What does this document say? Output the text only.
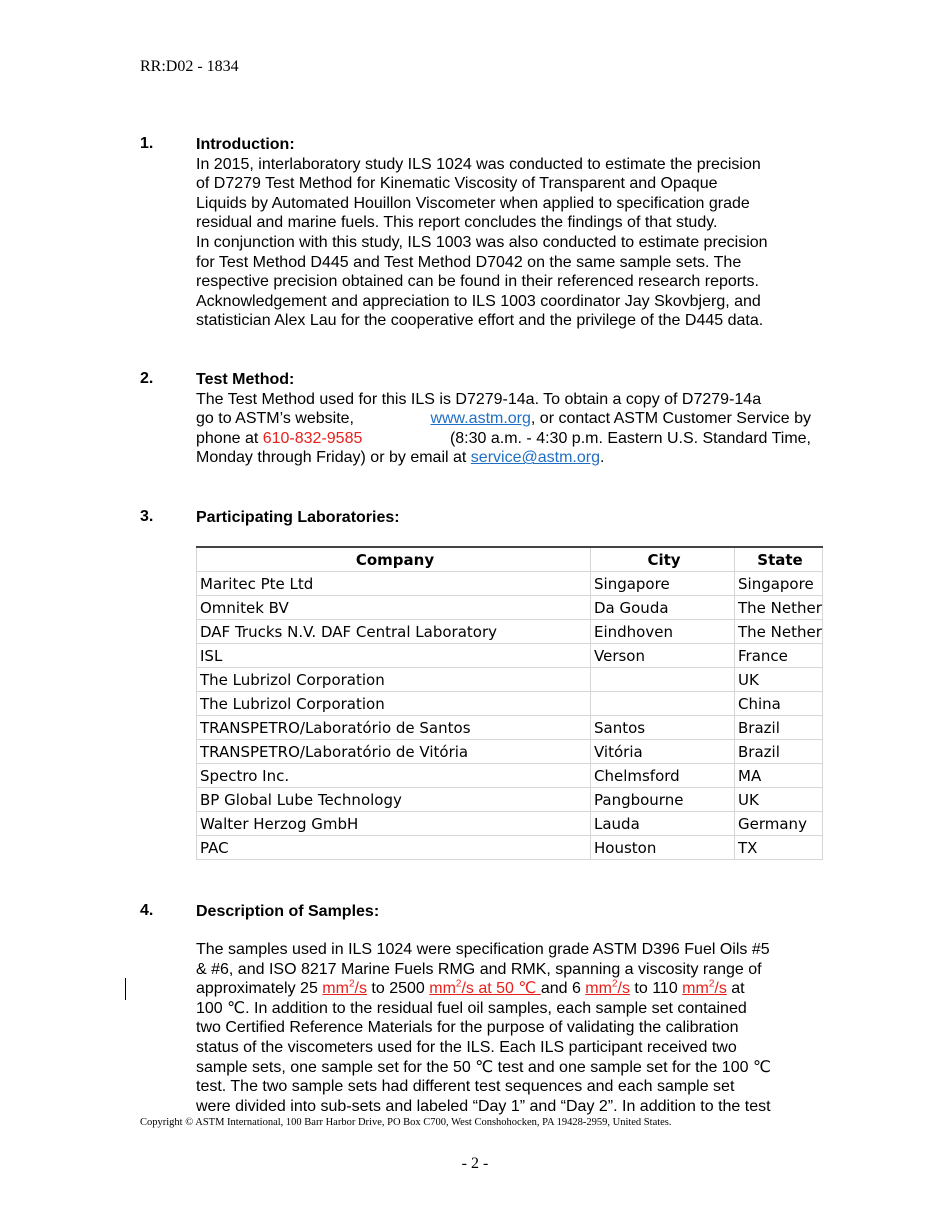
RR:D02 - 1834
1.	Introduction:
In 2015, interlaboratory study ILS 1024 was conducted to estimate the precision
of D7279 Test Method for Kinematic Viscosity of Transparent and Opaque
Liquids by Automated Houillon Viscometer when applied to specification grade
residual and marine fuels. This report concludes the findings of that study.
In conjunction with this study, ILS 1003 was also conducted to estimate precision
for Test Method D445 and Test Method D7042 on the same sample sets. The
respective precision obtained can be found in their referenced research reports.
Acknowledgement and appreciation to ILS 1003 coordinator Jay Skovbjerg, and
statistician Alex Lau for the cooperative effort and the privilege of the D445 data.
2.	Test Method:
The Test Method used for this ILS is D7279-14a. To obtain a copy of D7279-14a
go to ASTM’s website,	www.astm.org, or contact ASTM Customer Service by
phone at 610-832-9585	(8:30 a.m. - 4:30 p.m. Eastern U.S. Standard Time,
Monday through Friday) or by email at service@astm.org.
3.	Participating Laboratories:
Company	City	State
Maritec Pte Ltd	Singapore	Singapore
Omnitek BV	Da Gouda	The Nether
DAF Trucks N.V. DAF Central Laboratory	Eindhoven	The Nether
ISL	Verson	France
The Lubrizol Corporation		UK
The Lubrizol Corporation		China
TRANSPETRO/Laboratório de Santos	Santos	Brazil
TRANSPETRO/Laboratório de Vitória	Vitória	Brazil
Spectro Inc.	Chelmsford	MA
BP Global Lube Technology	Pangbourne	UK
Walter Herzog GmbH	Lauda	Germany
PAC	Houston	TX
4.	Description of Samples:
The samples used in ILS 1024 were specification grade ASTM D396 Fuel Oils #5
& #6, and ISO 8217 Marine Fuels RMG and RMK, spanning a viscosity range of
approximately 25 $mm^2/s$ to 2500 $mm^2/s$ at 50 ℃ and 6 $mm^2/s$ to 110 $mm^2/s$ at
100 ℃. In addition to the residual fuel oil samples, each sample set contained
two Certified Reference Materials for the purpose of validating the calibration
status of the viscometers used for the ILS. Each ILS participant received two
sample sets, one sample set for the 50 ℃ test and one sample set for the 100 ℃
test. The two sample sets had different test sequences and each sample set
were divided into sub-sets and labeled “Day 1” and “Day 2”. In addition to the test
Copyright © ASTM International, 100 Barr Harbor Drive, PO Box C700, West Conshohocken, PA 19428-2959, United States.
- 2 -
